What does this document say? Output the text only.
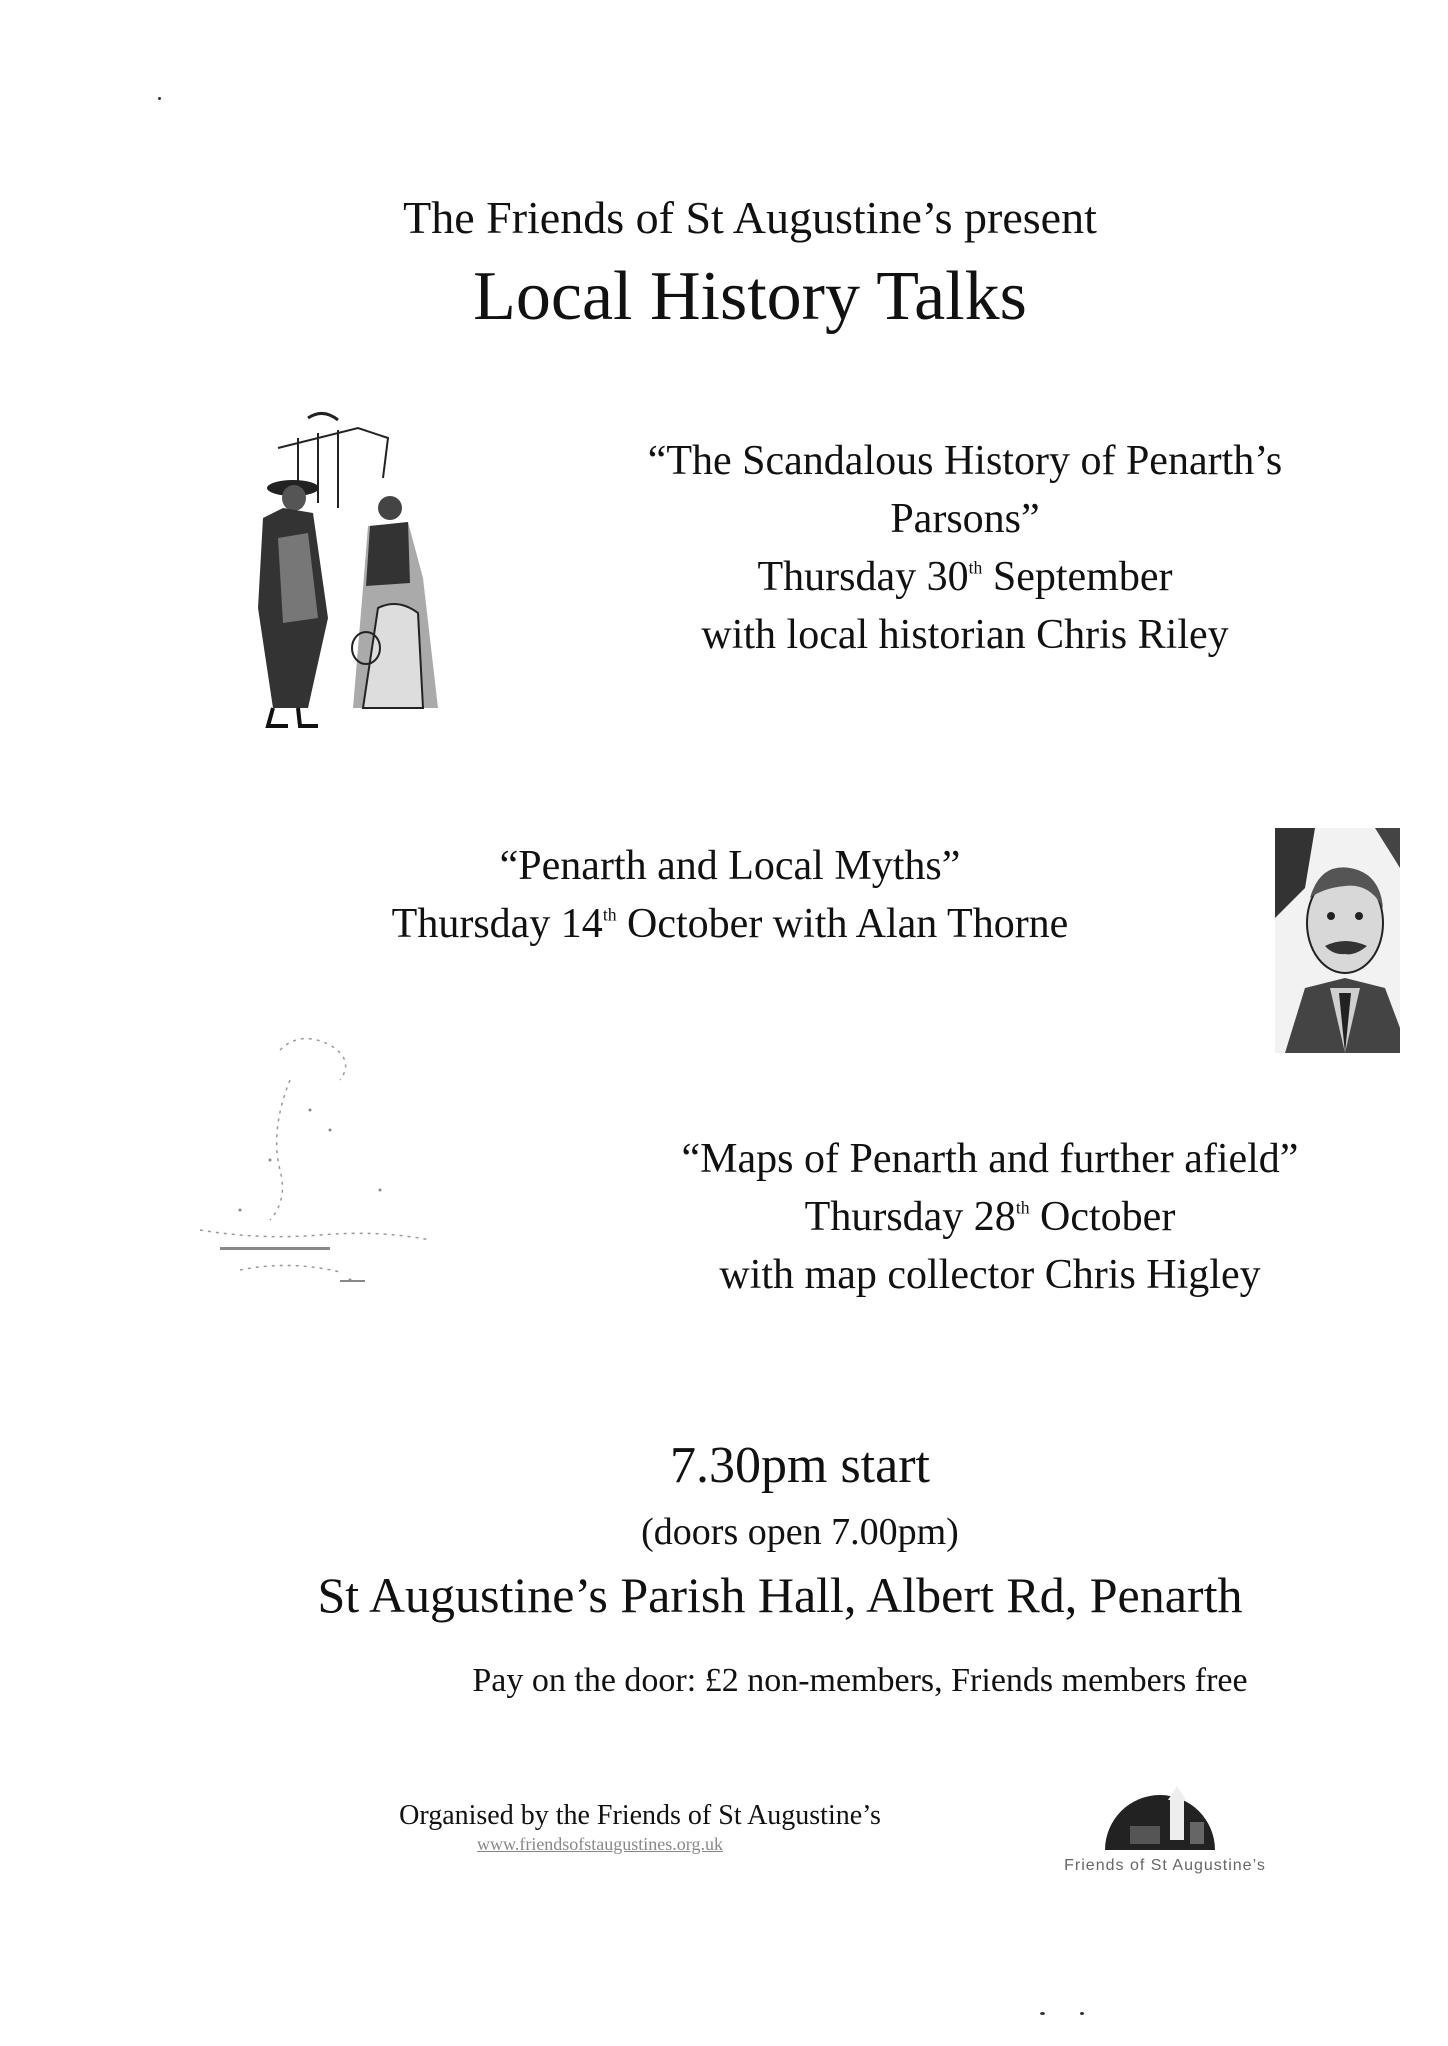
The Friends of St Augustine’s present
Local History Talks
“The Scandalous History of Penarth’s
Parsons”
Thursday 30th September
with local historian Chris Riley
“Penarth and Local Myths”
Thursday 14th October with Alan Thorne
“Maps of Penarth and further afield”
Thursday 28th October
with map collector Chris Higley
7.30pm start
(doors open 7.00pm)
St Augustine’s Parish Hall, Albert Rd, Penarth
Pay on the door: £2 non-members, Friends members free
Organised by the Friends of St Augustine’s
www.friendsofstaugustines.org.uk
Friends of St Augustine’s
